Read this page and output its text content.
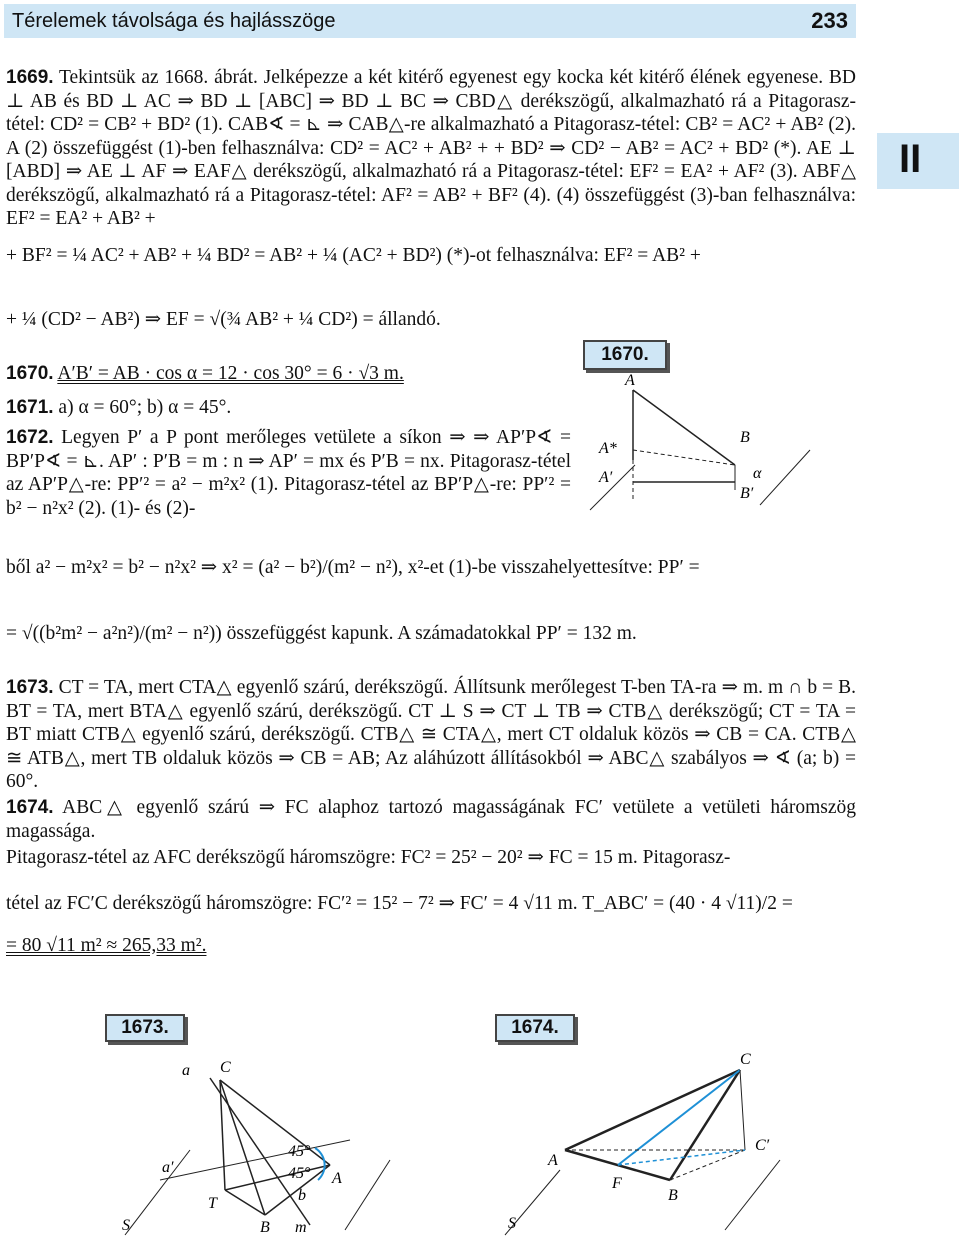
Térelemek távolsága és hajlásszöge	233
II
1669. Tekintsük az 1668. ábrát. Jelképezze a két kitérő egyenest egy kocka két kitérő élének egyenese. BD ⊥ AB és BD ⊥ AC ⇒ BD ⊥ [ABC] ⇒ BD ⊥ BC ⇒ CBD△ derékszögű, alkalmazható rá a Pitagorasz-tétel: CD² = CB² + BD² (1). CAB∢ = ⊾ ⇒ CAB△-re alkalmazható a Pitagorasz-tétel: CB² = AC² + AB² (2). A (2) összefüggést (1)-ben felhasználva: CD² = AC² + AB² + + BD² ⇒ CD² − AB² = AC² + BD² (*). AE ⊥ [ABD] ⇒ AE ⊥ AF ⇒ EAF△ derékszögű, alkalmazható rá a Pitagorasz-tétel: EF² = EA² + AF² (3). ABF△ derékszögű, alkalmazható rá a Pitagorasz-tétel: AF² = AB² + BF² (4). (4) összefüggést (3)-ban felhasználva: EF² = EA² + AB² +
+ BF² = ¼ AC² + AB² + ¼ BD² = AB² + ¼ (AC² + BD²) (*)-ot felhasználva: EF² = AB² +
+ ¼ (CD² − AB²) ⇒ EF = √(¾ AB² + ¼ CD²) = állandó.
1670. A′B′ = AB · cos α = 12 · cos 30° = 6 · √3 m.
1671. a) α = 60°; b) α = 45°.
1672. Legyen P′ a P pont merőleges vetülete a síkon ⇒ ⇒ AP′P∢ = BP′P∢ = ⊾. AP′ : P′B = m : n ⇒ AP′ = mx és P′B = nx. Pitagorasz-tétel az AP′P△-re: PP′² = a² − m²x² (1). Pitagorasz-tétel az BP′P△-re: PP′² = b² − n²x² (2). (1)- és (2)-
ből a² − m²x² = b² − n²x² ⇒ x² = (a² − b²)/(m² − n²), x²-et (1)-be visszahelyettesítve: PP′ =
= √((b²m² − a²n²)/(m² − n²)) összefüggést kapunk. A számadatokkal PP′ = 132 m.
1673. CT = TA, mert CTA△ egyenlő szárú, derékszögű. Állítsunk merőlegest T-ben TA-ra ⇒ m. m ∩ b = B. BT = TA, mert BTA△ egyenlő szárú, derékszögű. CT ⊥ S ⇒ CT ⊥ TB ⇒ CTB△ derékszögű; CT = TA = BT miatt CTB△ egyenlő szárú, derékszögű. CTB△ ≅ CTA△, mert CT oldaluk közös ⇒ CB = CA. CTB△ ≅ ATB△, mert TB oldaluk közös ⇒ CB = AB; Az aláhúzott állításokból ⇒ ABC△ szabályos ⇒ ∢ (a; b) = 60°.
1674. ABC△ egyenlő szárú ⇒ FC alaphoz tartozó magasságának FC′ vetülete a vetületi háromszög magassága.
Pitagorasz-tétel az AFC derékszögű háromszögre: FC² = 25² − 20² ⇒ FC = 15 m. Pitagorasz-
tétel az FC′C derékszögű háromszögre: FC′² = 15² − 7² ⇒ FC′ = 4 √11 m. T_ABC′ = (40 · 4 √11)/2 =
= 80 √11 m² ≈ 265,33 m².
1670.
A
A*
A′
B
B′
α
1673.
a C
a′
T	b
A
S	B m
45°
45°
1674.
C
A
C′
F
B
S
